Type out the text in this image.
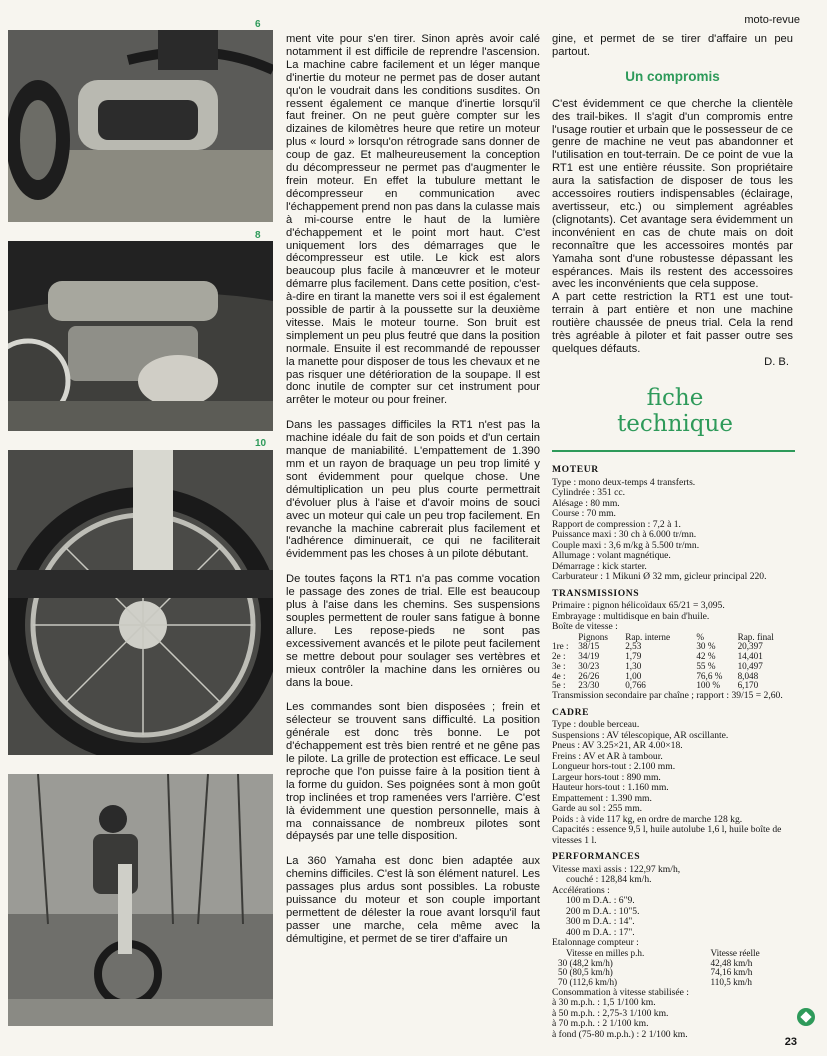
moto-revue
6
8
10

ment vite pour s'en tirer. Sinon après avoir calé notamment il est difficile de reprendre l'ascension. La machine cabre facilement et un léger manque d'inertie du moteur ne permet pas de doser autant qu'on le voudrait dans les conditions susdites. On ressent également ce manque d'inertie lorsqu'il faut freiner. On ne peut guère compter sur les dizaines de kilomètres heure que retire un moteur plus « lourd » lorsqu'on rétrograde sans donner de coup de gaz. Et malheureusement la conception du décompresseur ne permet pas d'augmenter le frein moteur. En effet la tubulure mettant le décompresseur en communication avec l'échappement prend non pas dans la culasse mais à mi-course entre le haut de la lumière d'échappement et le point mort haut. C'est uniquement lors des démarrages que le décompresseur est utile. Le kick est alors beaucoup plus facile à manœuvrer et le moteur démarre plus facilement. Dans cette position, c'est-à-dire en tirant la manette vers soi il est également possible de partir à la poussette sur la deuxième vitesse. Mais le moteur tourne. Son bruit est simplement un peu plus feutré que dans la position normale. Ensuite il est recommandé de repousser la manette pour disposer de tous les chevaux et ne pas risquer une détérioration de la soupape. Il est donc inutile de compter sur cet instrument pour arrêter le moteur ou pour freiner.

Dans les passages difficiles la RT1 n'est pas la machine idéale du fait de son poids et d'un certain manque de maniabilité. L'empattement de 1.390 mm et un rayon de braquage un peu trop limité y sont évidemment pour quelque chose. Une démultiplication un peu plus courte permettrait d'évoluer plus à l'aise et d'avoir moins de souci avec un moteur qui cale un peu trop facilement. En revanche la machine cabrerait plus facilement et l'adhérence diminuerait, ce qui ne faciliterait évidemment pas les choses à un pilote débutant.

De toutes façons la RT1 n'a pas comme vocation le passage des zones de trial. Elle est beaucoup plus à l'aise dans les chemins. Ses suspensions souples permettent de rouler sans fatigue à bonne allure. Les repose-pieds ne sont pas excessivement avancés et le pilote peut facilement se mettre debout pour soulager ses vertèbres et mieux contrôler la machine dans les ornières ou dans la boue.

Les commandes sont bien disposées ; frein et sélecteur se trouvent sans difficulté. La position générale est donc très bonne. Le pot d'échappement est très bien rentré et ne gêne pas le pilote. La grille de protection est efficace. Le seul reproche que l'on puisse faire à la position tient à la forme du guidon. Ses poignées sont à mon goût trop inclinées et trop ramenées vers l'arrière. C'est là évidemment une question personnelle, mais à ma connaissance de nombreux pilotes sont dépaysés par une telle disposition.

La 360 Yamaha est donc bien adaptée aux chemins difficiles. C'est là son élément naturel. Les passages plus ardus sont possibles. La robuste puissance du moteur et son couple important permettent de délester la roue avant lorsqu'il faut passer une marche, cela même avec la démultigine, et permet de se tirer d'affaire un

gine, et permet de se tirer d'affaire un peu partout.

Un compromis

C'est évidemment ce que cherche la clientèle des trail-bikes. Il s'agit d'un compromis entre l'usage routier et urbain que le possesseur de ce genre de machine ne veut pas abandonner et l'utilisation en tout-terrain. De ce point de vue la RT1 est une entière réussite. Son propriétaire aura la satisfaction de disposer de tous les accessoires routiers indispensables (éclairage, avertisseur, etc.) ou simplement agréables (clignotants). Cet avantage sera évidemment un inconvénient en cas de chute mais on doit reconnaître que les accessoires montés par Yamaha sont d'une robustesse dépassant les espérances. Mais ils restent des accessoires avec les inconvénients que cela suppose.

A part cette restriction la RT1 est une tout-terrain à part entière et non une machine routière chaussée de pneus trial. Cela la rend très agréable à piloter et fait passer outre ses quelques défauts.

D. B.
fiche
technique
MOTEUR
Type : mono deux-temps 4 transferts.
Cylindrée : 351 cc.
Alésage : 80 mm.
Course : 70 mm.
Rapport de compression : 7,2 à 1.
Puissance maxi : 30 ch à 6.000 tr/mn.
Couple maxi : 3,6 m/kg à 5.500 tr/mn.
Allumage : volant magnétique.
Démarrage : kick starter.
Carburateur : 1 Mikuni Ø 32 mm, gicleur principal 220.
TRANSMISSIONS
Primaire : pignon hélicoïdaux 65/21 = 3,095.
Embrayage : multidisque en bain d'huile.
Boîte de vitesse :
	Pignons	Rap. interne	%	Rap. final
1re :	38/15	2,53	30 %	20,397
2e :	34/19	1,79	42 %	14,401
3e :	30/23	1,30	55 %	10,497
4e :	26/26	1,00	76,6 %	8,048
5e :	23/30	0,766	100 %	6,170
Transmission secondaire par chaîne ; rapport : 39/15 = 2,60.
CADRE
Type : double berceau.
Suspensions : AV télescopique, AR oscillante.
Pneus : AV 3.25×21, AR 4.00×18.
Freins : AV et AR à tambour.
Longueur hors-tout : 2.100 mm.
Largeur hors-tout : 890 mm.
Hauteur hors-tout : 1.160 mm.
Empattement : 1.390 mm.
Garde au sol : 255 mm.
Poids : à vide 117 kg, en ordre de marche 128 kg.
Capacités : essence 9,5 l, huile autolube 1,6 l, huile boîte de vitesses 1 l.
PERFORMANCES
Vitesse maxi assis : 122,97 km/h,
couché : 128,84 km/h.
Accélérations :
100 m D.A. : 6"9.
200 m D.A. : 10"5.
300 m D.A. : 14".
400 m D.A. : 17".
Etalonnage compteur :
Vitesse en milles p.h.	Vitesse réelle
30 (48,2 km/h)	42,48 km/h
50 (80,5 km/h)	74,16 km/h
70 (112,6 km/h)	110,5 km/h
Consommation à vitesse stabilisée :
à 30 m.p.h. : 1,5 1/100 km.
à 50 m.p.h. : 2,75-3 1/100 km.
à 70 m.p.h. : 2 1/100 km.
à fond (75-80 m.p.h.) : 2 1/100 km.
23
